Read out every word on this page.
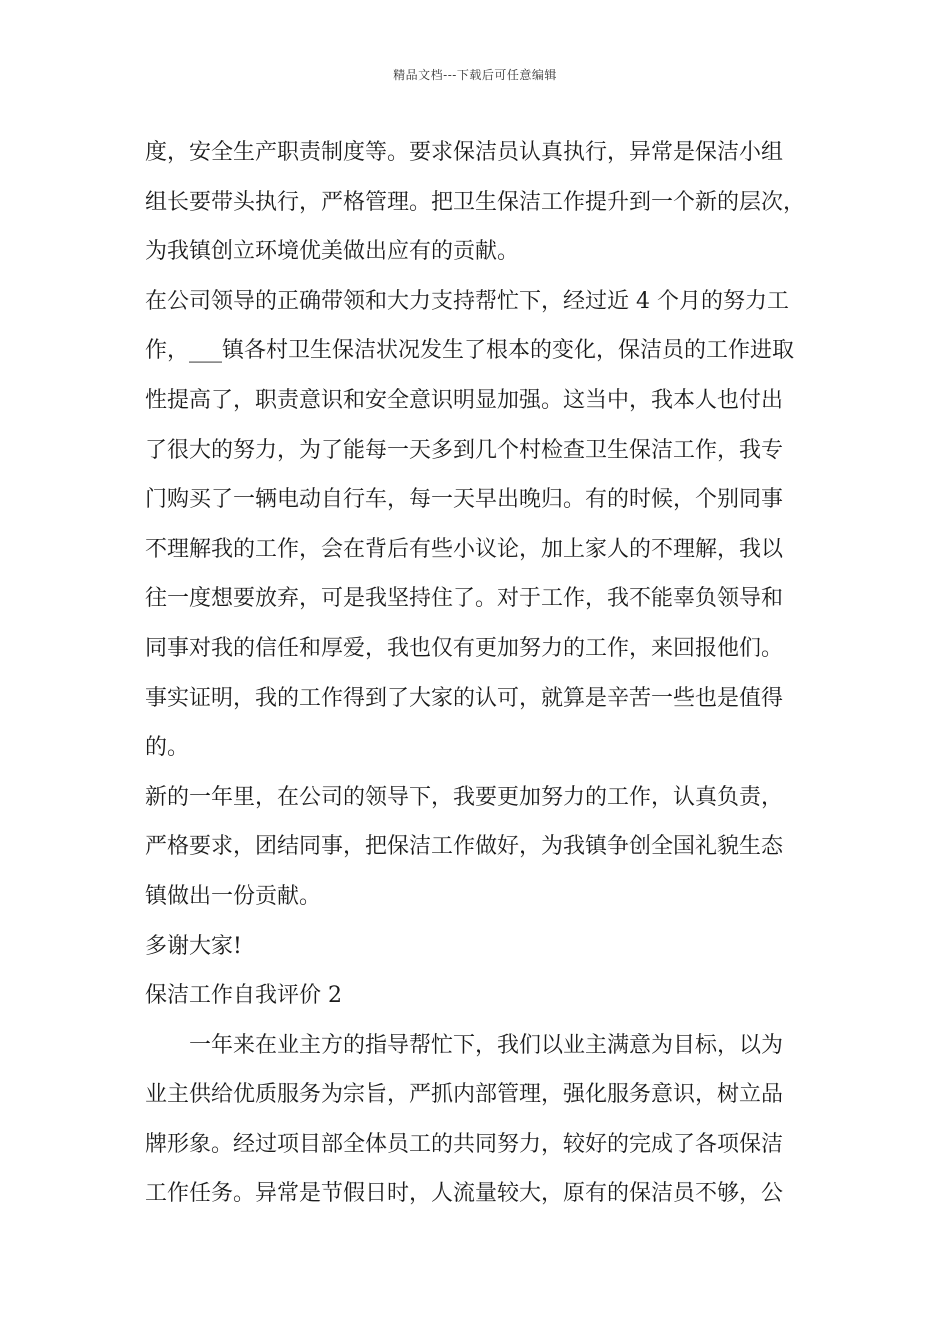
精品文档---下载后可任意编辑
度，安全生产职责制度等。要求保洁员认真执行，异常是保洁小组
组长要带头执行，严格管理。把卫生保洁工作提升到一个新的层次，
为我镇创立环境优美做出应有的贡献。
在公司领导的正确带领和大力支持帮忙下，经过近 4 个月的努力工
作，___镇各村卫生保洁状况发生了根本的变化，保洁员的工作进取
性提高了，职责意识和安全意识明显加强。这当中，我本人也付出
了很大的努力，为了能每一天多到几个村检查卫生保洁工作，我专
门购买了一辆电动自行车，每一天早出晚归。有的时候，个别同事
不理解我的工作，会在背后有些小议论，加上家人的不理解，我以
往一度想要放弃，可是我坚持住了。对于工作，我不能辜负领导和
同事对我的信任和厚爱，我也仅有更加努力的工作，来回报他们。
事实证明，我的工作得到了大家的认可，就算是辛苦一些也是值得
的。
新的一年里，在公司的领导下，我要更加努力的工作，认真负责，
严格要求，团结同事，把保洁工作做好，为我镇争创全国礼貌生态
镇做出一份贡献。
多谢大家!
保洁工作自我评价 2
　　一年来在业主方的指导帮忙下，我们以业主满意为目标，以为
业主供给优质服务为宗旨，严抓内部管理，强化服务意识，树立品
牌形象。经过项目部全体员工的共同努力，较好的完成了各项保洁
工作任务。异常是节假日时，人流量较大，原有的保洁员不够，公
